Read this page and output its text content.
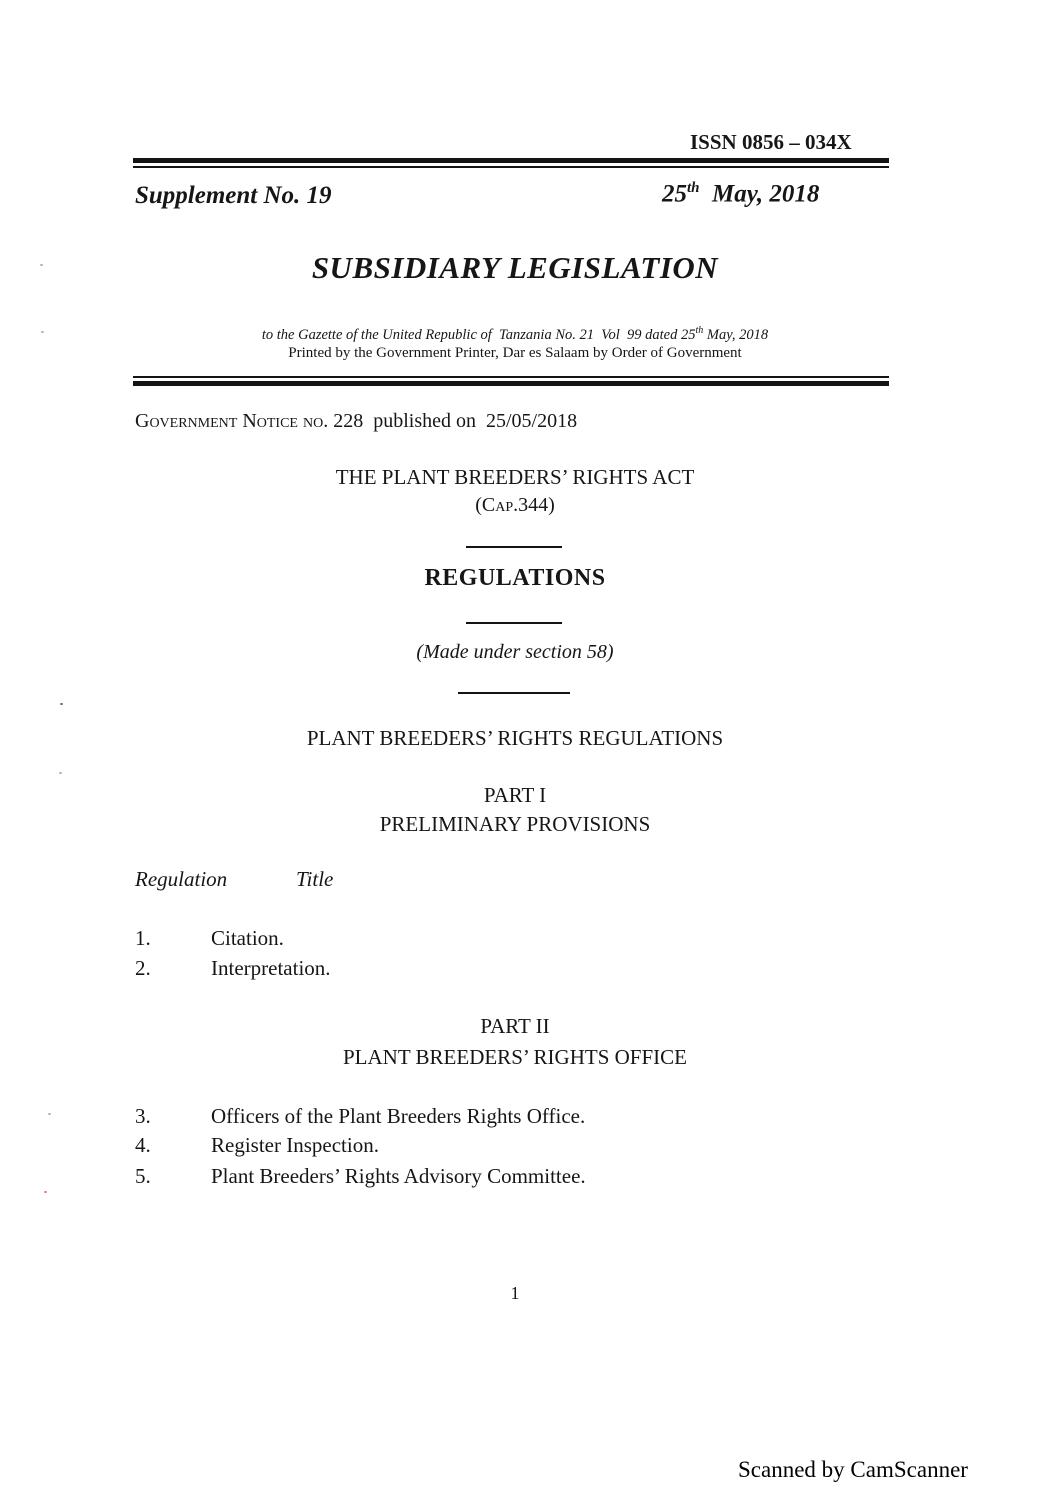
ISSN 0856 – 034X
Supplement No. 19	25th  May, 2018
SUBSIDIARY LEGISLATION
to the Gazette of the United Republic of  Tanzania No. 21  Vol  99 dated 25th May, 2018
Printed by the Government Printer, Dar es Salaam by Order of Government
Government Notice no. 228 published on  25/05/2018
THE PLANT BREEDERS’ RIGHTS ACT
(Cap.344)
REGULATIONS
(Made under section 58)
PLANT BREEDERS’ RIGHTS REGULATIONS
PART I
PRELIMINARY PROVISIONS
Regulation	Title
1.	Citation.
2.	Interpretation.
PART II
PLANT BREEDERS’ RIGHTS OFFICE
3.	Officers of the Plant Breeders Rights Office.
4.	Register Inspection.
5.	Plant Breeders’ Rights Advisory Committee.
1
Scanned by CamScanner
